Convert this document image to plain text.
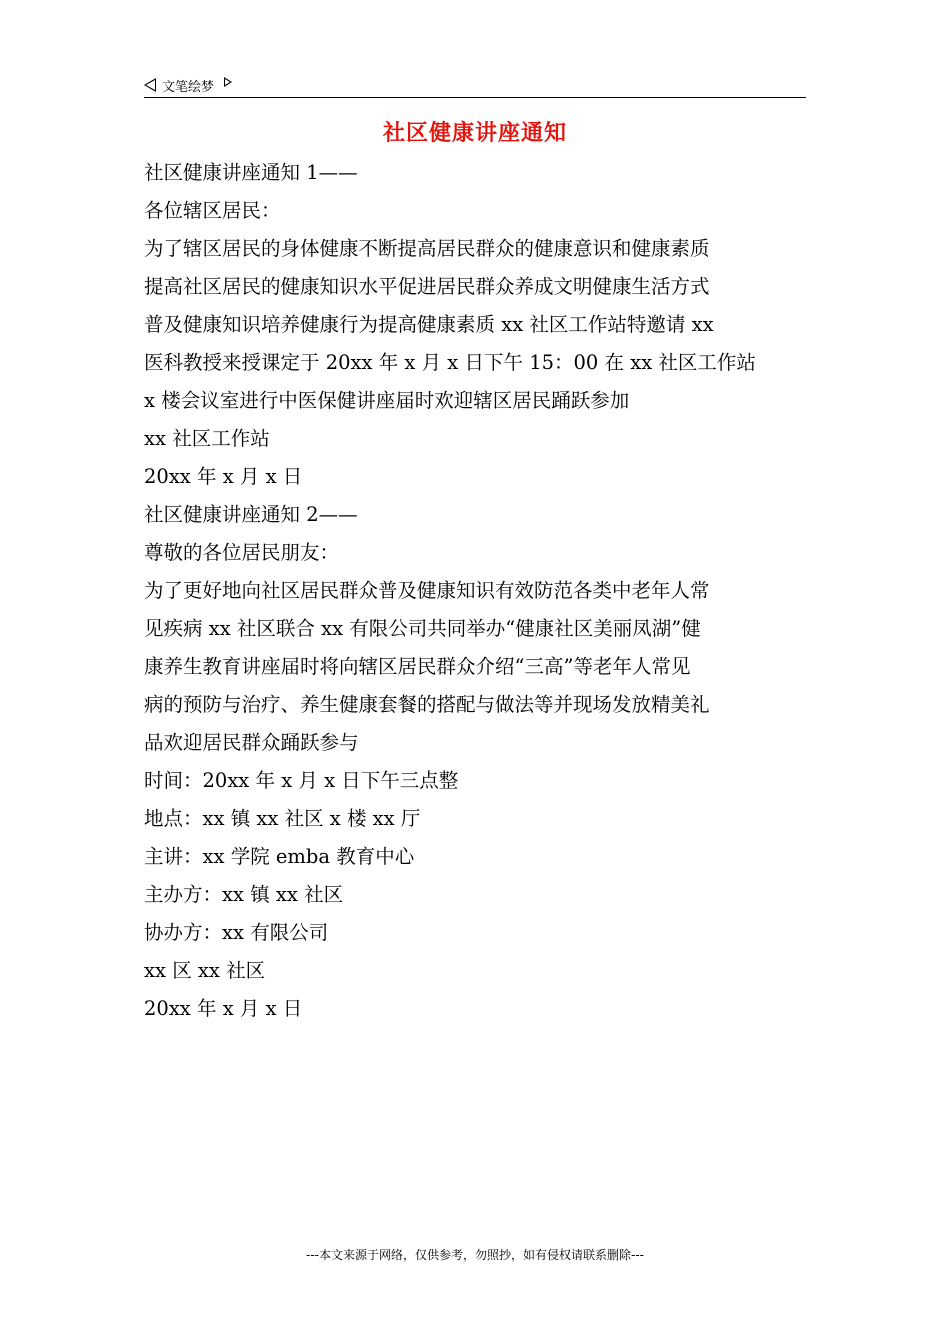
文笔绘梦
社区健康讲座通知
社区健康讲座通知 1——
各位辖区居民：
为了辖区居民的身体健康不断提高居民群众的健康意识和健康素质
提高社区居民的健康知识水平促进居民群众养成文明健康生活方式
普及健康知识培养健康行为提高健康素质 xx 社区工作站特邀请 xx
医科教授来授课定于 20xx 年 x 月 x 日下午 15：00 在 xx 社区工作站
x 楼会议室进行中医保健讲座届时欢迎辖区居民踊跃参加
xx 社区工作站
20xx 年 x 月 x 日
社区健康讲座通知 2——
尊敬的各位居民朋友：
为了更好地向社区居民群众普及健康知识有效防范各类中老年人常
见疾病 xx 社区联合 xx 有限公司共同举办“健康社区美丽凤湖”健
康养生教育讲座届时将向辖区居民群众介绍“三高”等老年人常见
病的预防与治疗、养生健康套餐的搭配与做法等并现场发放精美礼
品欢迎居民群众踊跃参与
时间：20xx 年 x 月 x 日下午三点整
地点：xx 镇 xx 社区 x 楼 xx 厅
主讲：xx 学院 emba 教育中心
主办方：xx 镇 xx 社区
协办方：xx 有限公司
xx 区 xx 社区
20xx 年 x 月 x 日
---本文来源于网络，仅供参考，勿照抄，如有侵权请联系删除---
